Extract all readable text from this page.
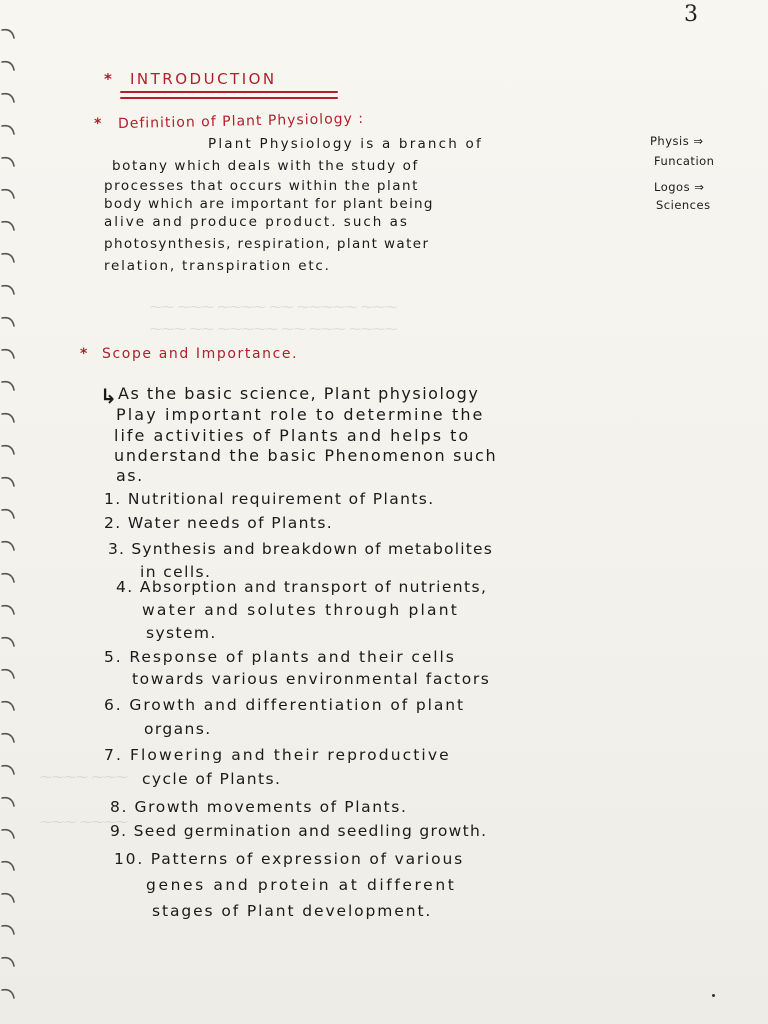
⁓⁓ ⁓⁓⁓ ⁓⁓⁓⁓ ⁓⁓ ⁓⁓⁓⁓⁓ ⁓⁓⁓
⁓⁓⁓ ⁓⁓ ⁓⁓⁓⁓⁓ ⁓⁓ ⁓⁓⁓ ⁓⁓⁓⁓
⁓⁓⁓⁓ ⁓⁓⁓
⁓⁓⁓ ⁓⁓⁓⁓
3
* INTRODUCTION
* Definition of Plant Physiology :
Plant Physiology is a branch of
botany which deals with the study of
processes that occurs within the plant
body which are important for plant being
alive and produce product. such as
photosynthesis, respiration, plant water
relation, transpiration etc.
Physis ⇒
Funcation
Logos ⇒
Sciences
* Scope and Importance.
↳ As the basic science, Plant physiology
Play important role to determine the
life activities of Plants and helps to
understand the basic Phenomenon such
as.
1. Nutritional requirement of Plants.
2. Water needs of Plants.
3. Synthesis and breakdown of metabolites
in cells.
4. Absorption and transport of nutrients,
water and solutes through plant
system.
5. Response of plants and their cells
towards various environmental factors
6. Growth and differentiation of plant
organs.
7. Flowering and their reproductive
cycle of Plants.
8. Growth movements of Plants.
9. Seed germination and seedling growth.
10. Patterns of expression of various
genes and protein at different
stages of Plant development.
